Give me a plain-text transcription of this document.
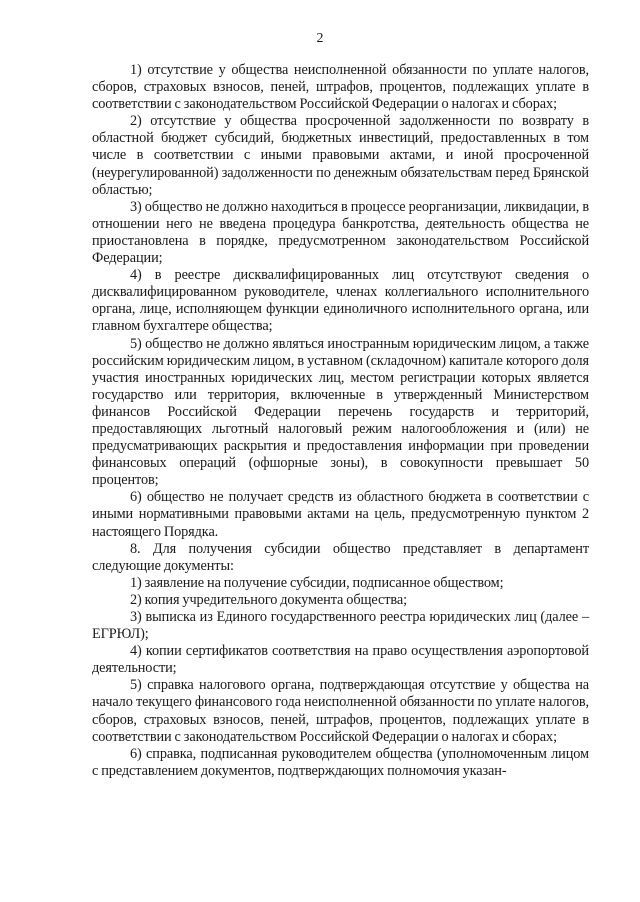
2

1) отсутствие у общества неисполненной обязанности по уплате налогов, сборов, страховых взносов, пеней, штрафов, процентов, подлежащих уплате в соответствии с законодательством Российской Федерации о налогах и сборах;

2) отсутствие у общества просроченной задолженности по возврату в областной бюджет субсидий, бюджетных инвестиций, предоставленных в том числе в соответствии с иными правовыми актами, и иной просроченной (неурегулированной) задолженности по денежным обязательствам перед Брянской областью;

3) общество не должно находиться в процессе реорганизации, ликвидации, в отношении него не введена процедура банкротства, деятельность общества не приостановлена в порядке, предусмотренном законодательством Российской Федерации;

4) в реестре дисквалифицированных лиц отсутствуют сведения о дисквалифицированном руководителе, членах коллегиального исполнительного органа, лице, исполняющем функции единоличного исполнительного органа, или главном бухгалтере общества;

5) общество не должно являться иностранным юридическим лицом, а также российским юридическим лицом, в уставном (складочном) капитале которого доля участия иностранных юридических лиц, местом регистрации которых является государство или территория, включенные в утвержденный Министерством финансов Российской Федерации перечень государств и территорий, предоставляющих льготный налоговый режим налогообложения и (или) не предусматривающих раскрытия и предоставления информации при проведении финансовых операций (офшорные зоны), в совокупности превышает 50 процентов;

6) общество не получает средств из областного бюджета в соответствии с иными нормативными правовыми актами на цель, предусмотренную пунктом 2 настоящего Порядка.

8. Для получения субсидии общество представляет в департамент следующие документы:

1) заявление на получение субсидии, подписанное обществом;

2) копия учредительного документа общества;

3) выписка из Единого государственного реестра юридических лиц (далее – ЕГРЮЛ);

4) копии сертификатов соответствия на право осуществления аэропортовой деятельности;

5) справка налогового органа, подтверждающая отсутствие у общества на начало текущего финансового года неисполненной обязанности по уплате налогов, сборов, страховых взносов, пеней, штрафов, процентов, подлежащих уплате в соответствии с законодательством Российской Федерации о налогах и сборах;

6) справка, подписанная руководителем общества (уполномоченным лицом с представлением документов, подтверждающих полномочия указан-
